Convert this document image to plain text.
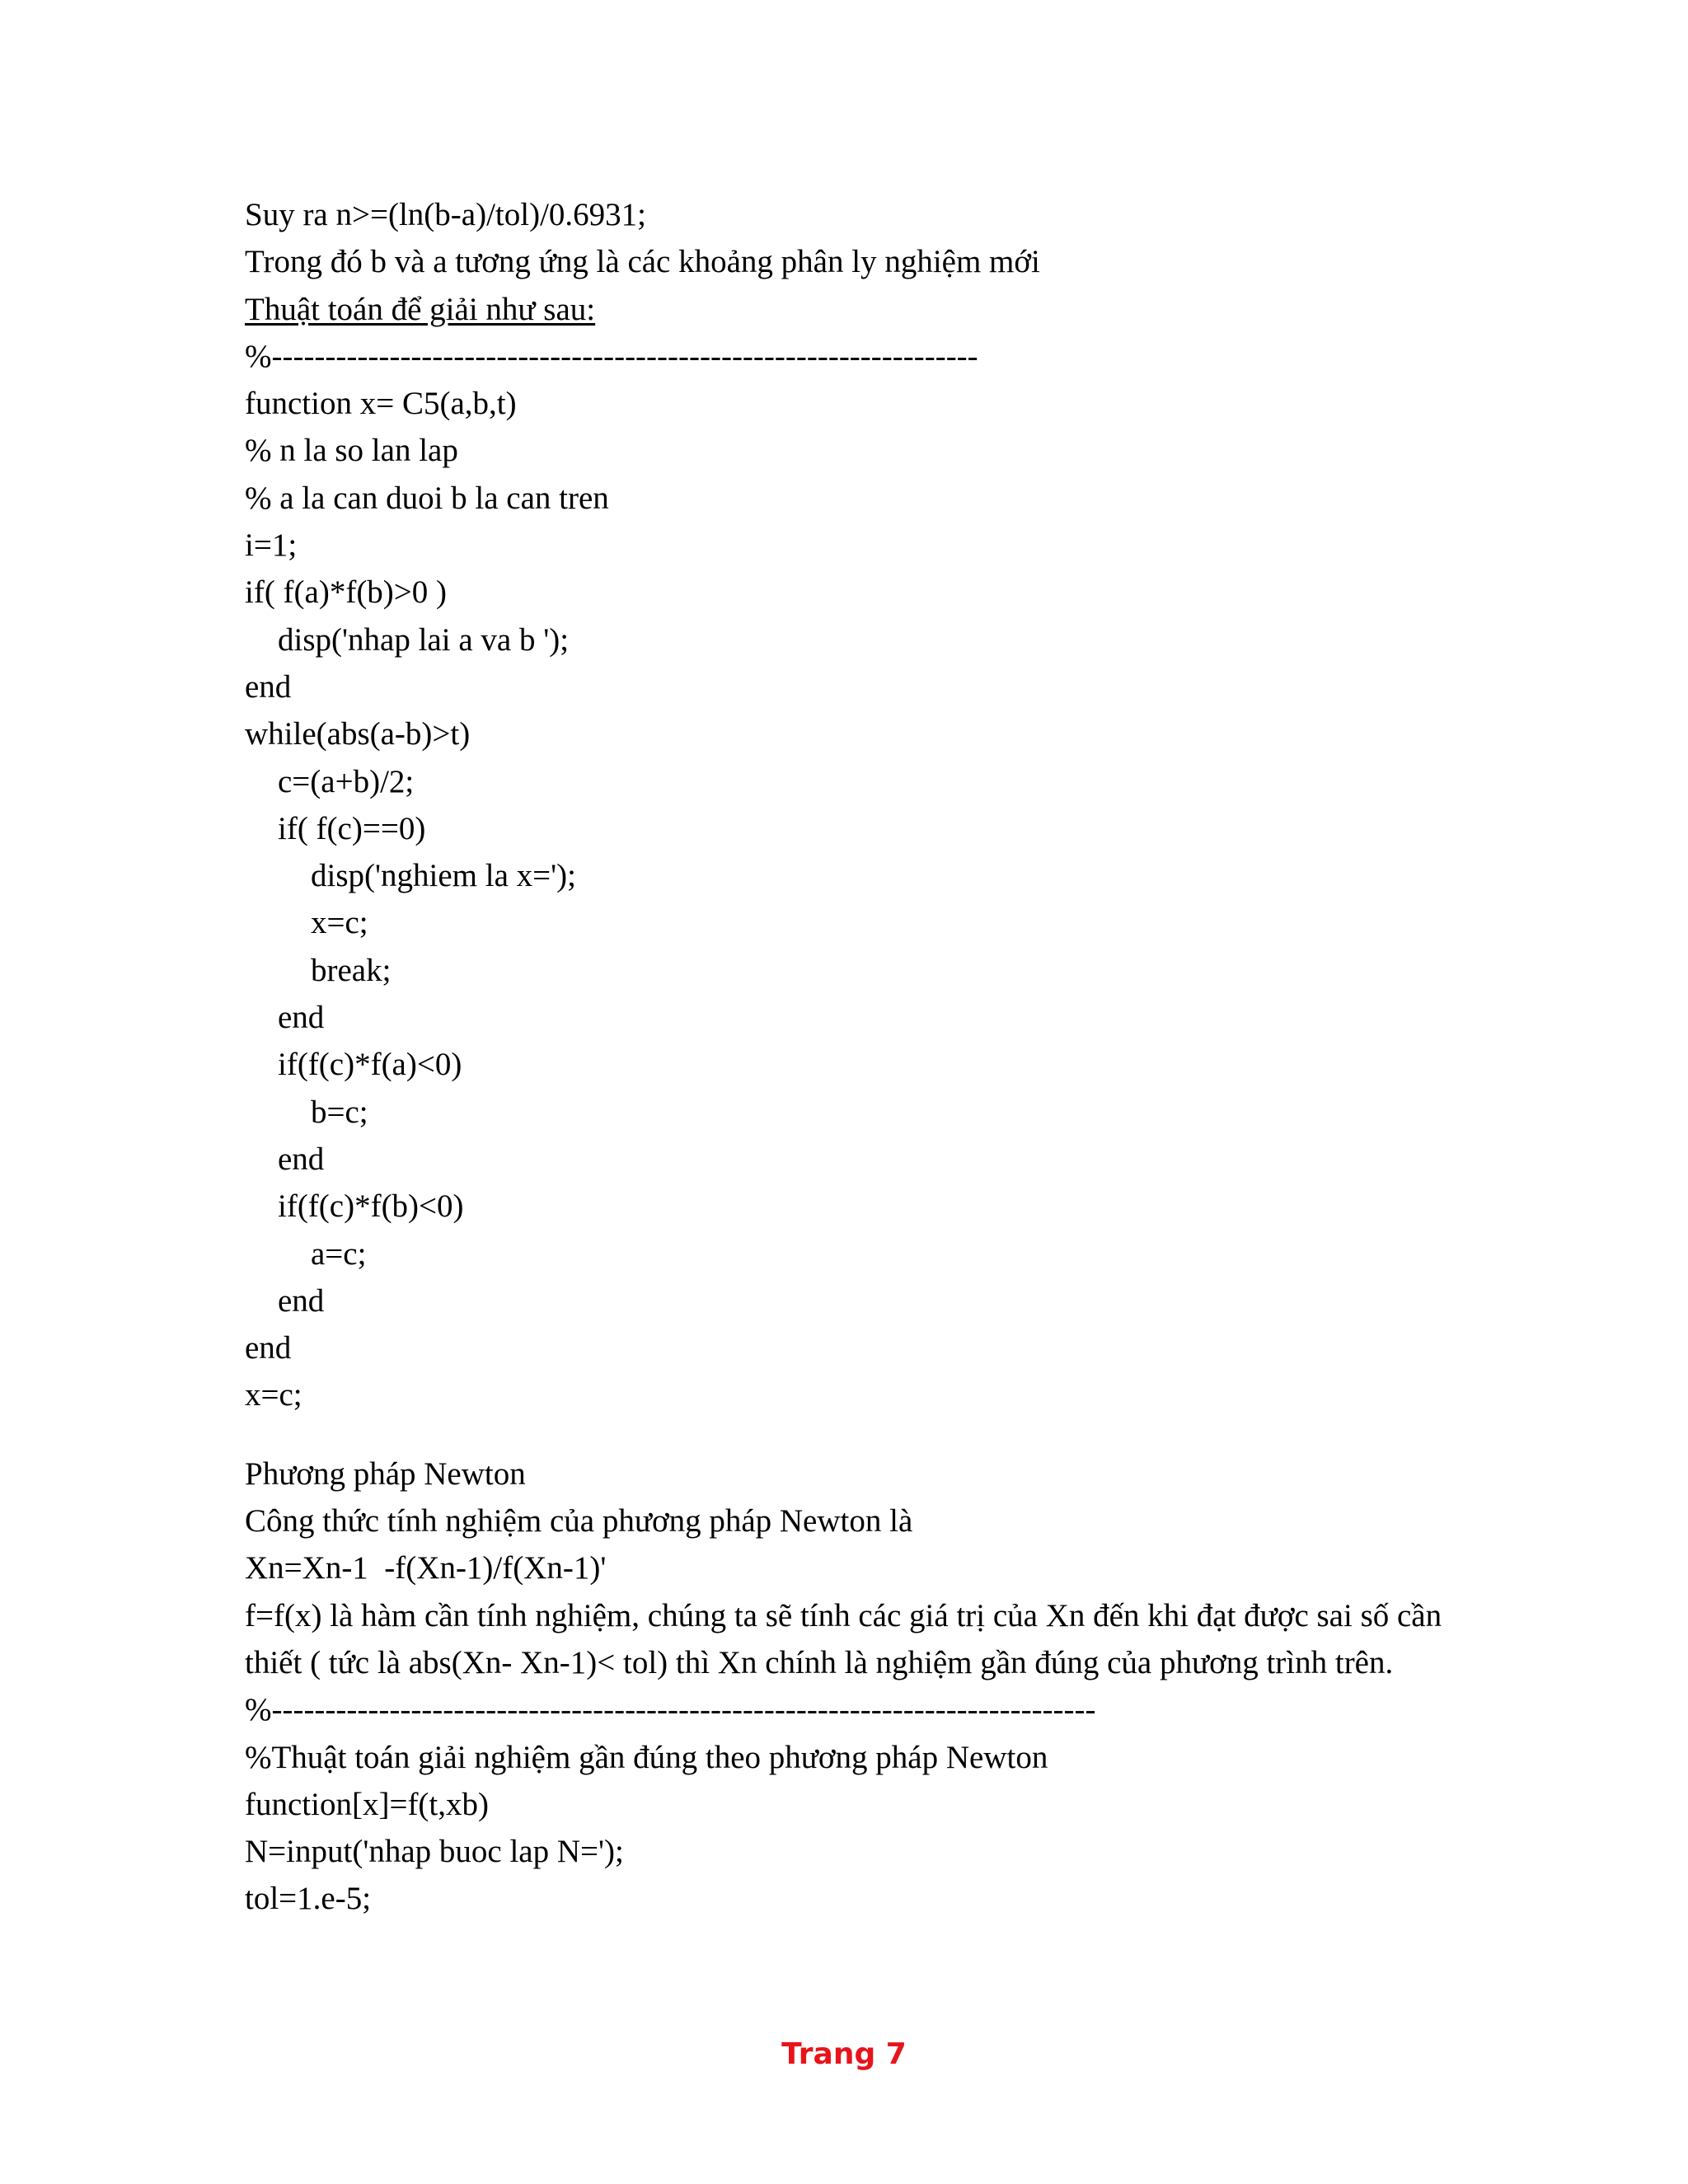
Suy ra n>=(ln(b-a)/tol)/0.6931;
Trong đó b và a tương ứng là các khoảng phân ly nghiệm mới
Thuật toán để giải như sau:
%------------------------------------------------------------------
function x= C5(a,b,t)
% n la so lan lap
% a la can duoi b la can tren
i=1;
if( f(a)*f(b)>0 )
disp('nhap lai a va b ');
end
while(abs(a-b)>t)
c=(a+b)/2;
if( f(c)==0)
disp('nghiem la x=');
x=c;
break;
end
if(f(c)*f(a)<0)
b=c;
end
if(f(c)*f(b)<0)
a=c;
end
end
x=c;
Phương pháp Newton
Công thức tính nghiệm của phương pháp Newton là
Xn=Xn-1  -f(Xn-1)/f(Xn-1)'
f=f(x) là hàm cần tính nghiệm, chúng ta sẽ tính các giá trị của Xn đến khi đạt được sai số cần thiết ( tức là abs(Xn- Xn-1)< tol) thì Xn chính là nghiệm gần đúng của phương trình trên.
%-----------------------------------------------------------------------------
%Thuật toán giải nghiệm gần đúng theo phương pháp Newton
function[x]=f(t,xb)
N=input('nhap buoc lap N=');
tol=1.e-5;
Trang 7
